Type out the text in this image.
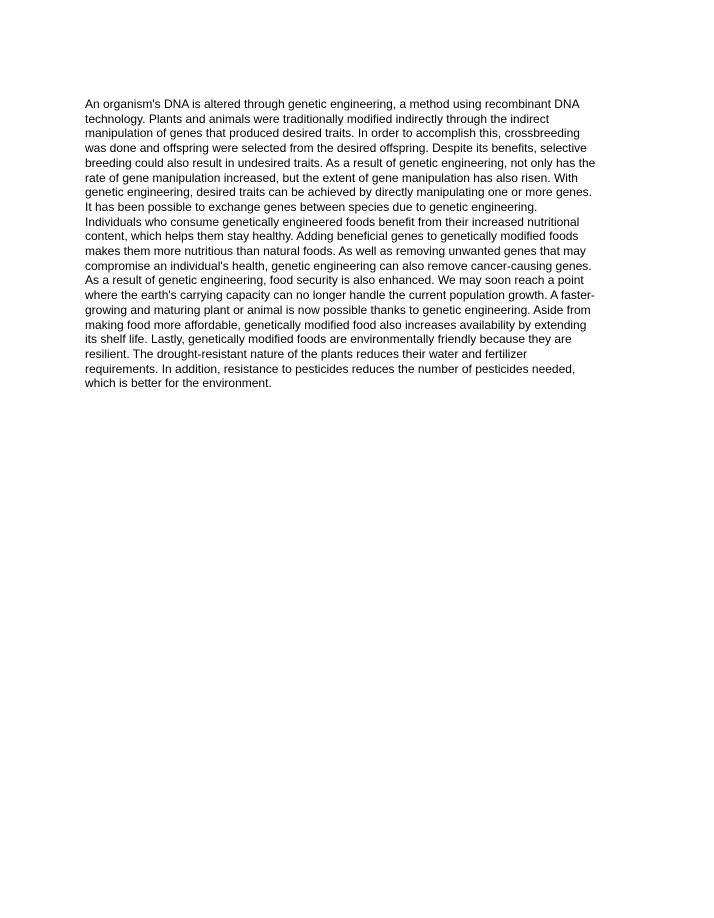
An organism's DNA is altered through genetic engineering, a method using recombinant DNA
technology. Plants and animals were traditionally modified indirectly through the indirect
manipulation of genes that produced desired traits. In order to accomplish this, crossbreeding
was done and offspring were selected from the desired offspring. Despite its benefits, selective
breeding could also result in undesired traits. As a result of genetic engineering, not only has the
rate of gene manipulation increased, but the extent of gene manipulation has also risen. With
genetic engineering, desired traits can be achieved by directly manipulating one or more genes.
It has been possible to exchange genes between species due to genetic engineering.
Individuals who consume genetically engineered foods benefit from their increased nutritional
content, which helps them stay healthy. Adding beneficial genes to genetically modified foods
makes them more nutritious than natural foods. As well as removing unwanted genes that may
compromise an individual's health, genetic engineering can also remove cancer-causing genes.
As a result of genetic engineering, food security is also enhanced. We may soon reach a point
where the earth's carrying capacity can no longer handle the current population growth. A faster-
growing and maturing plant or animal is now possible thanks to genetic engineering. Aside from
making food more affordable, genetically modified food also increases availability by extending
its shelf life. Lastly, genetically modified foods are environmentally friendly because they are
resilient. The drought-resistant nature of the plants reduces their water and fertilizer
requirements. In addition, resistance to pesticides reduces the number of pesticides needed,
which is better for the environment.
